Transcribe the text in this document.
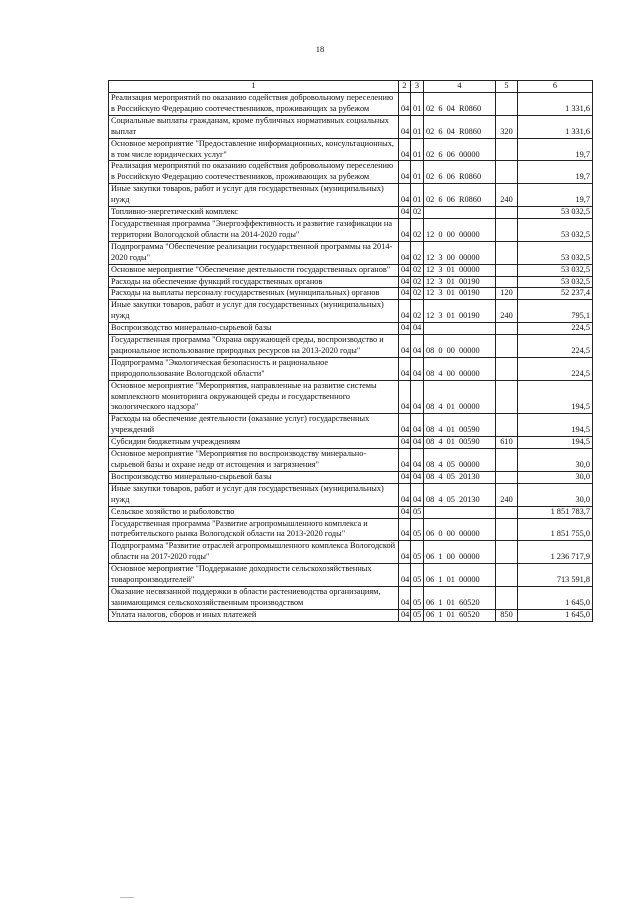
18
1	2	3	4	5	6
Реализация мероприятий по оказанию содействия добровольному переселению в Российскую Федерацию соотечественников, проживающих за рубежом	04	01	02 6 04 R0860		1 331,6
Социальные выплаты гражданам, кроме публичных нормативных социальных выплат	04	01	02 6 04 R0860	320	1 331,6
Основное мероприятие "Предоставление информационных, консультационных, в том числе юридических услуг"	04	01	02 6 06 00000		19,7
Реализация мероприятий по оказанию содействия добровольному переселению в Российскую Федерацию соотечественников, проживающих за рубежом	04	01	02 6 06 R0860		19,7
Иные закупки товаров, работ и услуг для государственных (муниципальных) нужд	04	01	02 6 06 R0860	240	19,7
Топливно-энергетический комплекс	04	02			53 032,5
Государственная программа "Энергоэффективность и развитие газификации на территории Вологодской области на 2014-2020 годы"	04	02	12 0 00 00000		53 032,5
Подпрограмма "Обеспечение реализации государственной программы на 2014-2020 годы"	04	02	12 3 00 00000		53 032,5
Основное мероприятие "Обеспечение деятельности государственных органов"	04	02	12 3 01 00000		53 032,5
Расходы на обеспечение функций государственных органов	04	02	12 3 01 00190		53 032,5
Расходы на выплаты персоналу государственных (муниципальных) органов	04	02	12 3 01 00190	120	52 237,4
Иные закупки товаров, работ и услуг для государственных (муниципальных) нужд	04	02	12 3 01 00190	240	795,1
Воспроизводство минерально-сырьевой базы	04	04			224,5
Государственная программа "Охрана окружающей среды, воспроизводство и рациональное использование природных ресурсов на 2013-2020 годы"	04	04	08 0 00 00000		224,5
Подпрограмма "Экологическая безопасность и рациональное природопользование Вологодской области"	04	04	08 4 00 00000		224,5
Основное мероприятие "Мероприятия, направленные на развитие системы комплексного мониторинга окружающей среды и государственного экологического надзора"	04	04	08 4 01 00000		194,5
Расходы на обеспечение деятельности (оказание услуг) государственных учреждений	04	04	08 4 01 00590		194,5
Субсидии бюджетным учреждениям	04	04	08 4 01 00590	610	194,5
Основное мероприятие "Мероприятия по воспроизводству минерально-сырьевой базы и охране недр от истощения и загрязнения"	04	04	08 4 05 00000		30,0
Воспроизводство минерально-сырьевой базы	04	04	08 4 05 20130		30,0
Иные закупки товаров, работ и услуг для государственных (муниципальных) нужд	04	04	08 4 05 20130	240	30,0
Сельское хозяйство и рыболовство	04	05			1 851 783,7
Государственная программа "Развитие агропромышленного комплекса и потребительского рынка Вологодской области на 2013-2020 годы"	04	05	06 0 00 00000		1 851 755,0
Подпрограмма "Развитие отраслей агропромышленного комплекса Вологодской области на 2017-2020 годы"	04	05	06 1 00 00000		1 236 717,9
Основное мероприятие "Поддержание доходности сельскохозяйственных товаропроизводителей"	04	05	06 1 01 00000		713 591,8
Оказание несвязанной поддержки в области растениеводства организациям, занимающимся сельскохозяйственным производством	04	05	06 1 01 60520		1 645,0
Уплата налогов, сборов и иных платежей	04	05	06 1 01 60520	850	1 645,0
